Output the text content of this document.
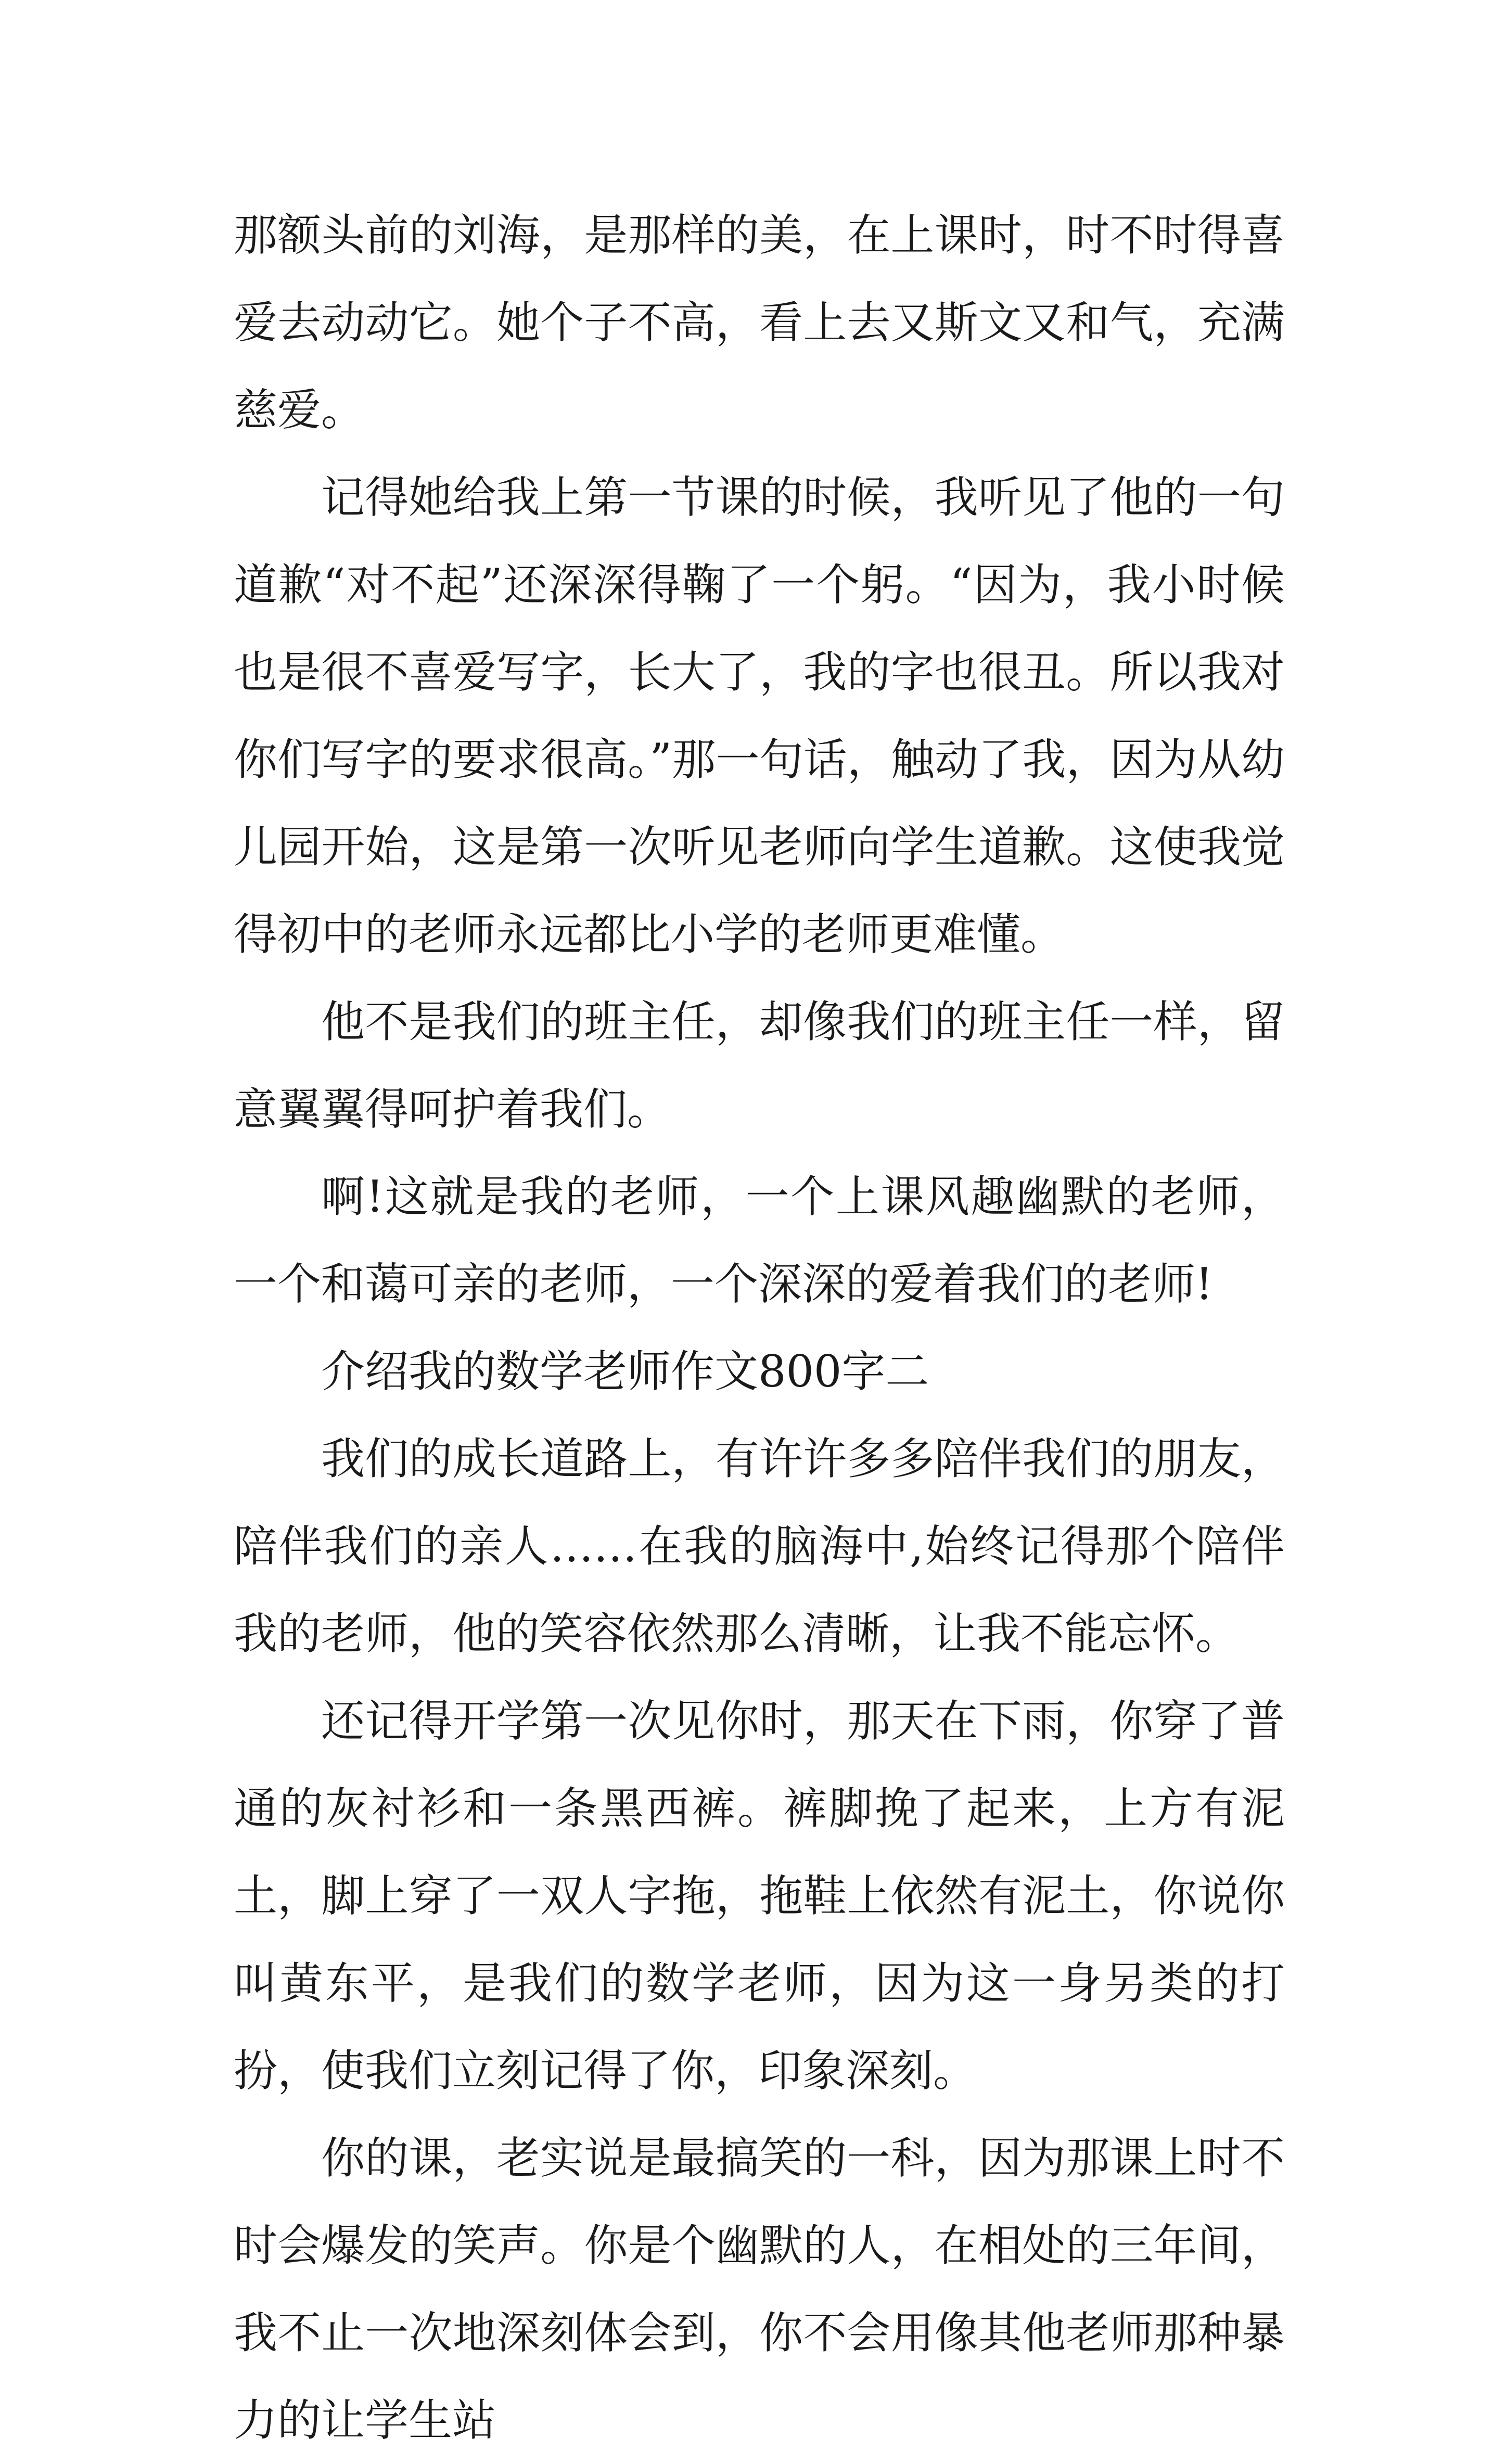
那额头前的刘海，是那样的美，在上课时，时不时得喜爱去动动它。她个子不高，看上去又斯文又和气，充满慈爱。

记得她给我上第一节课的时候，我听见了他的一句道歉“对不起”还深深得鞠了一个躬。“因为，我小时候也是很不喜爱写字，长大了，我的字也很丑。所以我对你们写字的要求很高。”那一句话，触动了我，因为从幼儿园开始，这是第一次听见老师向学生道歉。这使我觉得初中的老师永远都比小学的老师更难懂。

他不是我们的班主任，却像我们的班主任一样，留意翼翼得呵护着我们。

啊!这就是我的老师，一个上课风趣幽默的老师，一个和蔼可亲的老师，一个深深的爱着我们的老师!

介绍我的数学老师作文800字二

我们的成长道路上，有许许多多陪伴我们的朋友，陪伴我们的亲人……在我的脑海中,始终记得那个陪伴我的老师，他的笑容依然那么清晰，让我不能忘怀。

还记得开学第一次见你时，那天在下雨，你穿了普通的灰衬衫和一条黑西裤。裤脚挽了起来，上方有泥土，脚上穿了一双人字拖，拖鞋上依然有泥土，你说你叫黄东平，是我们的数学老师，因为这一身另类的打扮，使我们立刻记得了你，印象深刻。

你的课，老实说是最搞笑的一科，因为那课上时不时会爆发的笑声。你是个幽默的人，在相处的三年间，我不止一次地深刻体会到，你不会用像其他老师那种暴力的让学生站
